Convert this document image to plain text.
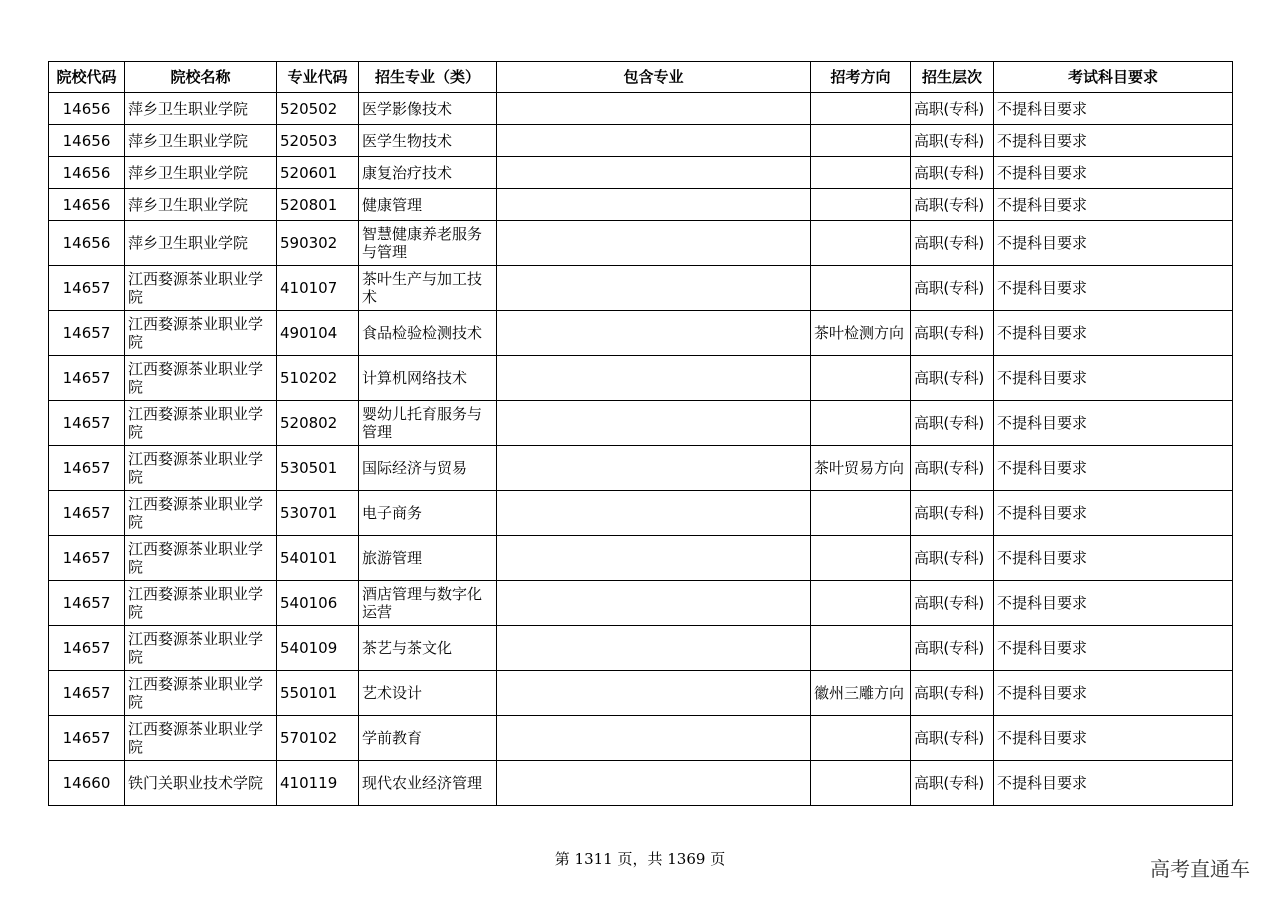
院校代码	院校名称	专业代码	招生专业（类）	包含专业	招考方向	招生层次	考试科目要求
14656	萍乡卫生职业学院	520502	医学影像技术			高职(专科)	不提科目要求
14656	萍乡卫生职业学院	520503	医学生物技术			高职(专科)	不提科目要求
14656	萍乡卫生职业学院	520601	康复治疗技术			高职(专科)	不提科目要求
14656	萍乡卫生职业学院	520801	健康管理			高职(专科)	不提科目要求
14656	萍乡卫生职业学院	590302	智慧健康养老服务与管理			高职(专科)	不提科目要求
14657	江西婺源茶业职业学院	410107	茶叶生产与加工技术			高职(专科)	不提科目要求
14657	江西婺源茶业职业学院	490104	食品检验检测技术		茶叶检测方向	高职(专科)	不提科目要求
14657	江西婺源茶业职业学院	510202	计算机网络技术			高职(专科)	不提科目要求
14657	江西婺源茶业职业学院	520802	婴幼儿托育服务与管理			高职(专科)	不提科目要求
14657	江西婺源茶业职业学院	530501	国际经济与贸易		茶叶贸易方向	高职(专科)	不提科目要求
14657	江西婺源茶业职业学院	530701	电子商务			高职(专科)	不提科目要求
14657	江西婺源茶业职业学院	540101	旅游管理			高职(专科)	不提科目要求
14657	江西婺源茶业职业学院	540106	酒店管理与数字化运营			高职(专科)	不提科目要求
14657	江西婺源茶业职业学院	540109	茶艺与茶文化			高职(专科)	不提科目要求
14657	江西婺源茶业职业学院	550101	艺术设计		徽州三雕方向	高职(专科)	不提科目要求
14657	江西婺源茶业职业学院	570102	学前教育			高职(专科)	不提科目要求
14660	铁门关职业技术学院	410119	现代农业经济管理			高职(专科)	不提科目要求
第 1311 页，共 1369 页	高考直通车
